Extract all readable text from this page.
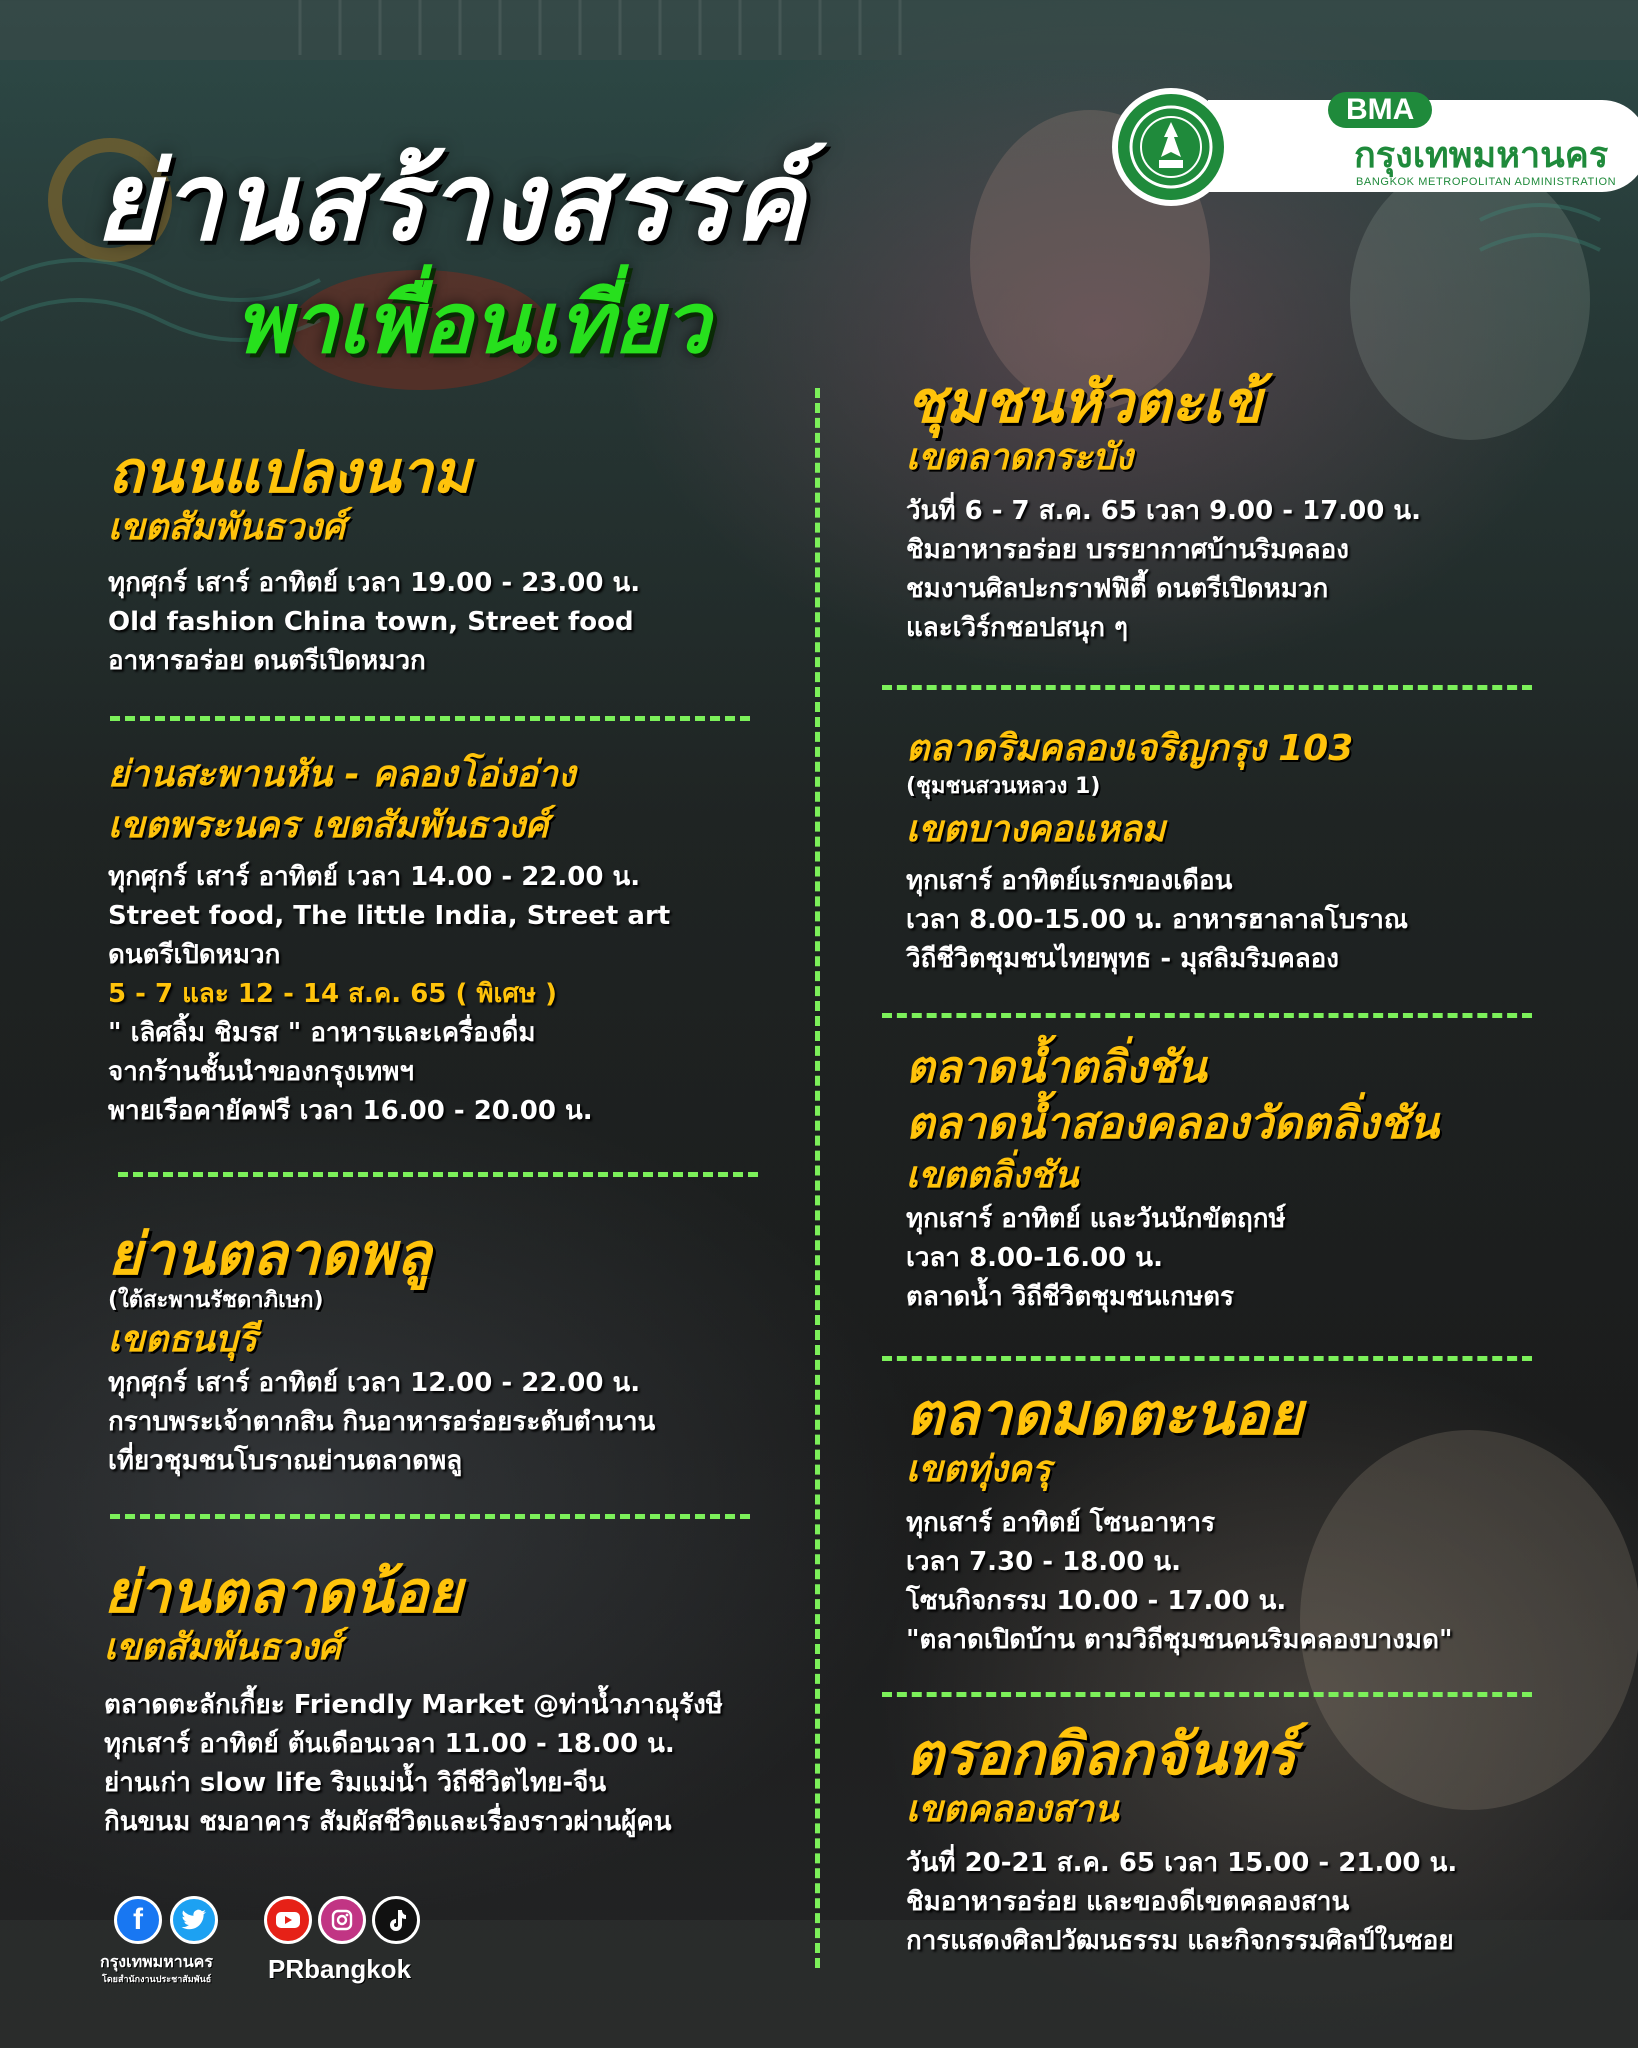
ย่านสร้างสรรค์
พาเพื่อนเที่ยว
BMA
กรุงเทพมหานคร
BANGKOK METROPOLITAN ADMINISTRATION
ถนนแปลงนาม
เขตสัมพันธวงศ์
ทุกศุกร์ เสาร์ อาทิตย์ เวลา 19.00 - 23.00 น.
Old fashion China town, Street food
อาหารอร่อย ดนตรีเปิดหมวก
ย่านสะพานหัน - คลองโอ่งอ่าง
เขตพระนคร เขตสัมพันธวงศ์
ทุกศุกร์ เสาร์ อาทิตย์ เวลา 14.00 - 22.00 น.
Street food, The little India, Street art
ดนตรีเปิดหมวก
5 - 7 และ 12 - 14 ส.ค. 65 ( พิเศษ )
" เลิศลิ้ม ชิมรส " อาหารและเครื่องดื่ม
จากร้านชั้นนำของกรุงเทพฯ
พายเรือคายัคฟรี เวลา 16.00 - 20.00 น.
ย่านตลาดพลู
(ใต้สะพานรัชดาภิเษก)
เขตธนบุรี
ทุกศุกร์ เสาร์ อาทิตย์ เวลา 12.00 - 22.00 น.
กราบพระเจ้าตากสิน กินอาหารอร่อยระดับตำนาน
เที่ยวชุมชนโบราณย่านตลาดพลู
ย่านตลาดน้อย
เขตสัมพันธวงศ์
ตลาดตะลักเกี้ยะ Friendly Market @ท่าน้ำภาณุรังษี
ทุกเสาร์ อาทิตย์ ต้นเดือนเวลา 11.00 - 18.00 น.
ย่านเก่า slow life ริมแม่น้ำ วิถีชีวิตไทย-จีน
กินขนม ชมอาคาร สัมผัสชีวิตและเรื่องราวผ่านผู้คน
ชุมชนหัวตะเข้
เขตลาดกระบัง
วันที่ 6 - 7 ส.ค. 65 เวลา 9.00 - 17.00 น.
ชิมอาหารอร่อย บรรยากาศบ้านริมคลอง
ชมงานศิลปะกราฟฟิตี้ ดนตรีเปิดหมวก
และเวิร์กชอปสนุก ๆ
ตลาดริมคลองเจริญกรุง 103
(ชุมชนสวนหลวง 1)
เขตบางคอแหลม
ทุกเสาร์ อาทิตย์แรกของเดือน
เวลา 8.00-15.00 น. อาหารฮาลาลโบราณ
วิถีชีวิตชุมชนไทยพุทธ - มุสลิมริมคลอง
ตลาดน้ำตลิ่งชัน
ตลาดน้ำสองคลองวัดตลิ่งชัน
เขตตลิ่งชัน
ทุกเสาร์ อาทิตย์ และวันนักขัตฤกษ์
เวลา 8.00-16.00 น.
ตลาดน้ำ วิถีชีวิตชุมชนเกษตร
ตลาดมดตะนอย
เขตทุ่งครุ
ทุกเสาร์ อาทิตย์ โซนอาหาร
เวลา 7.30 - 18.00 น.
โซนกิจกรรม 10.00 - 17.00 น.
"ตลาดเปิดบ้าน ตามวิถีชุมชนคนริมคลองบางมด"
ตรอกดิลกจันทร์
เขตคลองสาน
วันที่ 20-21 ส.ค. 65 เวลา 15.00 - 21.00 น.
ชิมอาหารอร่อย และของดีเขตคลองสาน
การแสดงศิลปวัฒนธรรม และกิจกรรมศิลป์ในซอย
f
กรุงเทพมหานคร
โดยสำนักงานประชาสัมพันธ์ PRbangkok
